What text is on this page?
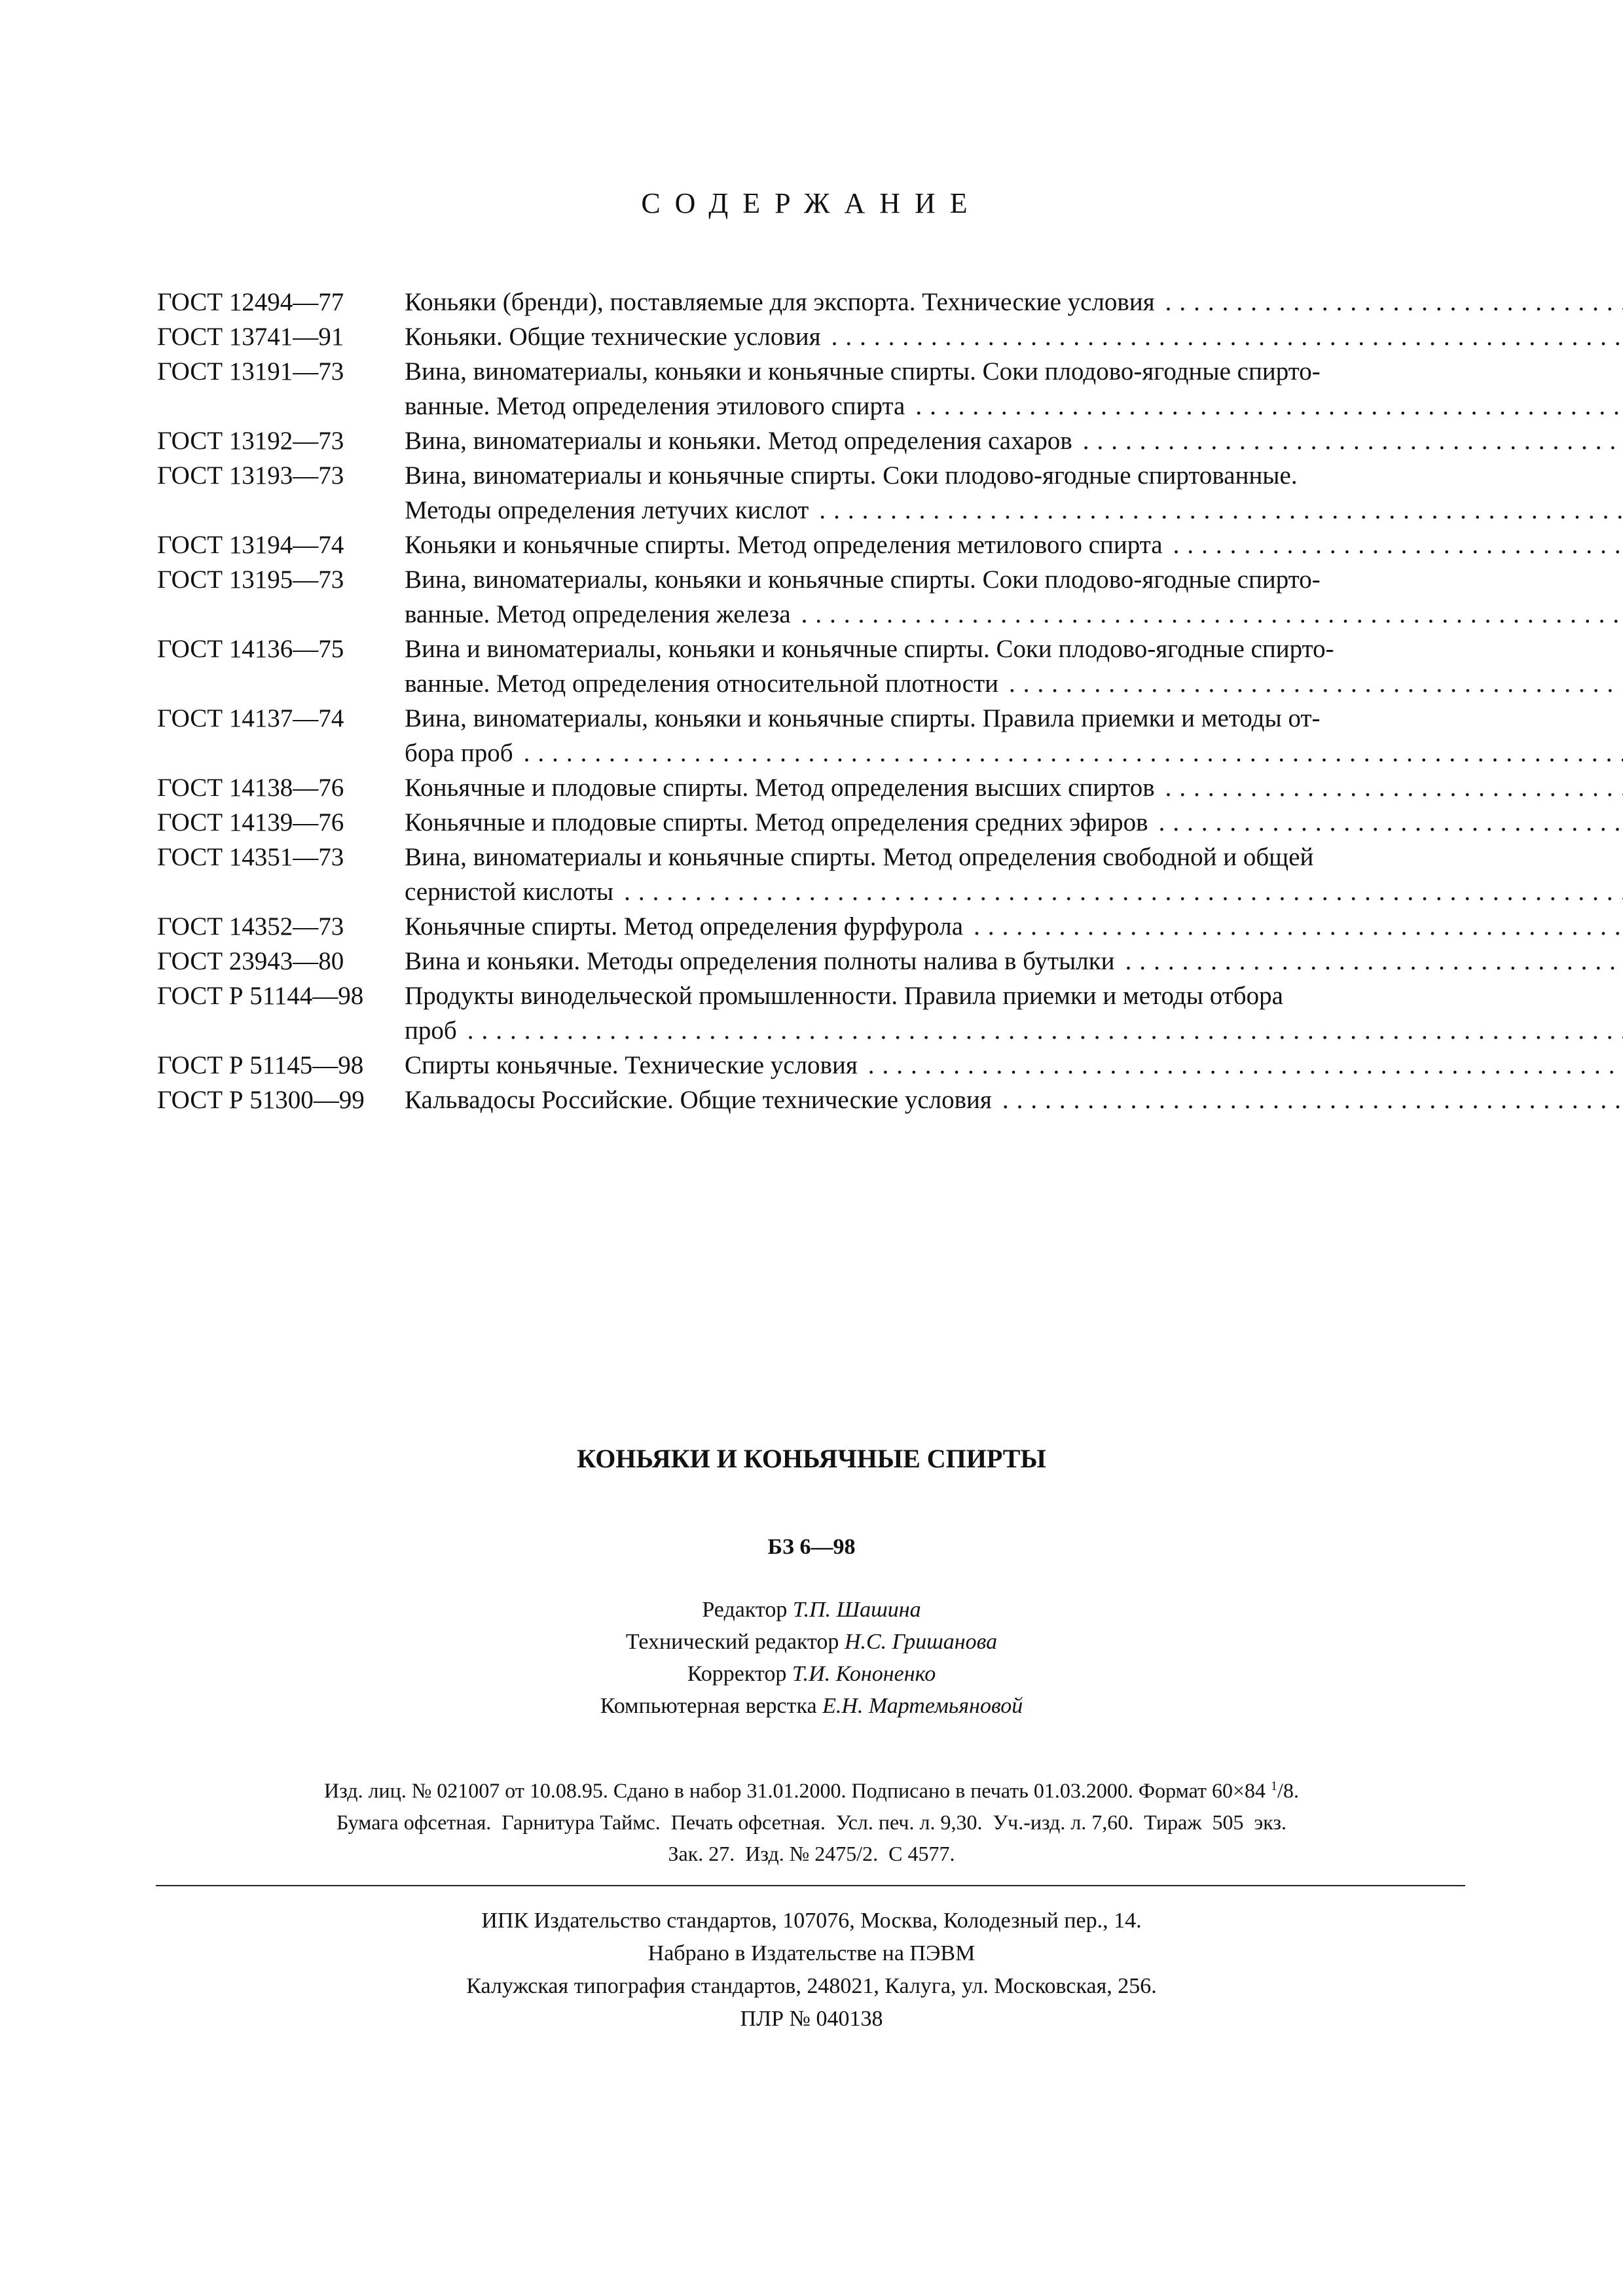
СОДЕРЖАНИЕ
ГОСТ 12494—77	Коньяки (бренди), поставляемые для экспорта. Технические условия
.....
ГОСТ 13741—91	Коньяки. Общие технические условия
.....
ГОСТ 13191—73	Вина, виноматериалы, коньяки и коньячные спирты. Соки плодово-ягодные спирто-
ванные. Метод определения этилового спирта
.....
ГОСТ 13192—73	Вина, виноматериалы и коньяки. Метод определения сахаров
.....
ГОСТ 13193—73	Вина, виноматериалы и коньячные спирты. Соки плодово-ягодные спиртованные.
Методы определения летучих кислот
.....
ГОСТ 13194—74	Коньяки и коньячные спирты. Метод определения метилового спирта
.....
ГОСТ 13195—73	Вина, виноматериалы, коньяки и коньячные спирты. Соки плодово-ягодные спирто-
ванные. Метод определения железа
.....
ГОСТ 14136—75	Вина и виноматериалы, коньяки и коньячные спирты. Соки плодово-ягодные спирто-
ванные. Метод определения относительной плотности
.....
ГОСТ 14137—74	Вина, виноматериалы, коньяки и коньячные спирты. Правила приемки и методы от-
бора проб
.....
ГОСТ 14138—76	Коньячные и плодовые спирты. Метод определения высших спиртов
.....
ГОСТ 14139—76	Коньячные и плодовые спирты. Метод определения средних эфиров
.....
ГОСТ 14351—73	Вина, виноматериалы и коньячные спирты. Метод определения свободной и общей
сернистой кислоты
.....
ГОСТ 14352—73	Коньячные спирты. Метод определения фурфурола
.....
ГОСТ 23943—80	Вина и коньяки. Методы определения полноты налива в бутылки
.....
ГОСТ Р 51144—98	Продукты винодельческой промышленности. Правила приемки и методы отбора
проб
.....
ГОСТ Р 51145—98	Спирты коньячные. Технические условия
.....
ГОСТ Р 51300—99	Кальвадосы Российские. Общие технические условия
.....
КОНЬЯКИ И КОНЬЯЧНЫЕ СПИРТЫ
БЗ 6—98
Редактор Т.П. Шашина
Технический редактор Н.С. Гришанова
Корректор Т.И. Кононенко
Компьютерная верстка Е.Н. Мартемьяновой
Изд. лиц. № 021007 от 10.08.95. Сдано в набор 31.01.2000. Подписано в печать 01.03.2000. Формат 60×84 $^1$/8.
Бумага офсетная.  Гарнитура Таймс.  Печать офсетная.  Усл. печ. л. 9,30.  Уч.-изд. л. 7,60.  Тираж  505  экз.
Зак. 27.  Изд. № 2475/2.  С 4577.
ИПК Издательство стандартов, 107076, Москва, Колодезный пер., 14.
Набрано в Издательстве на ПЭВМ
Калужская типография стандартов, 248021, Калуга, ул. Московская, 256.
ПЛР № 040138
